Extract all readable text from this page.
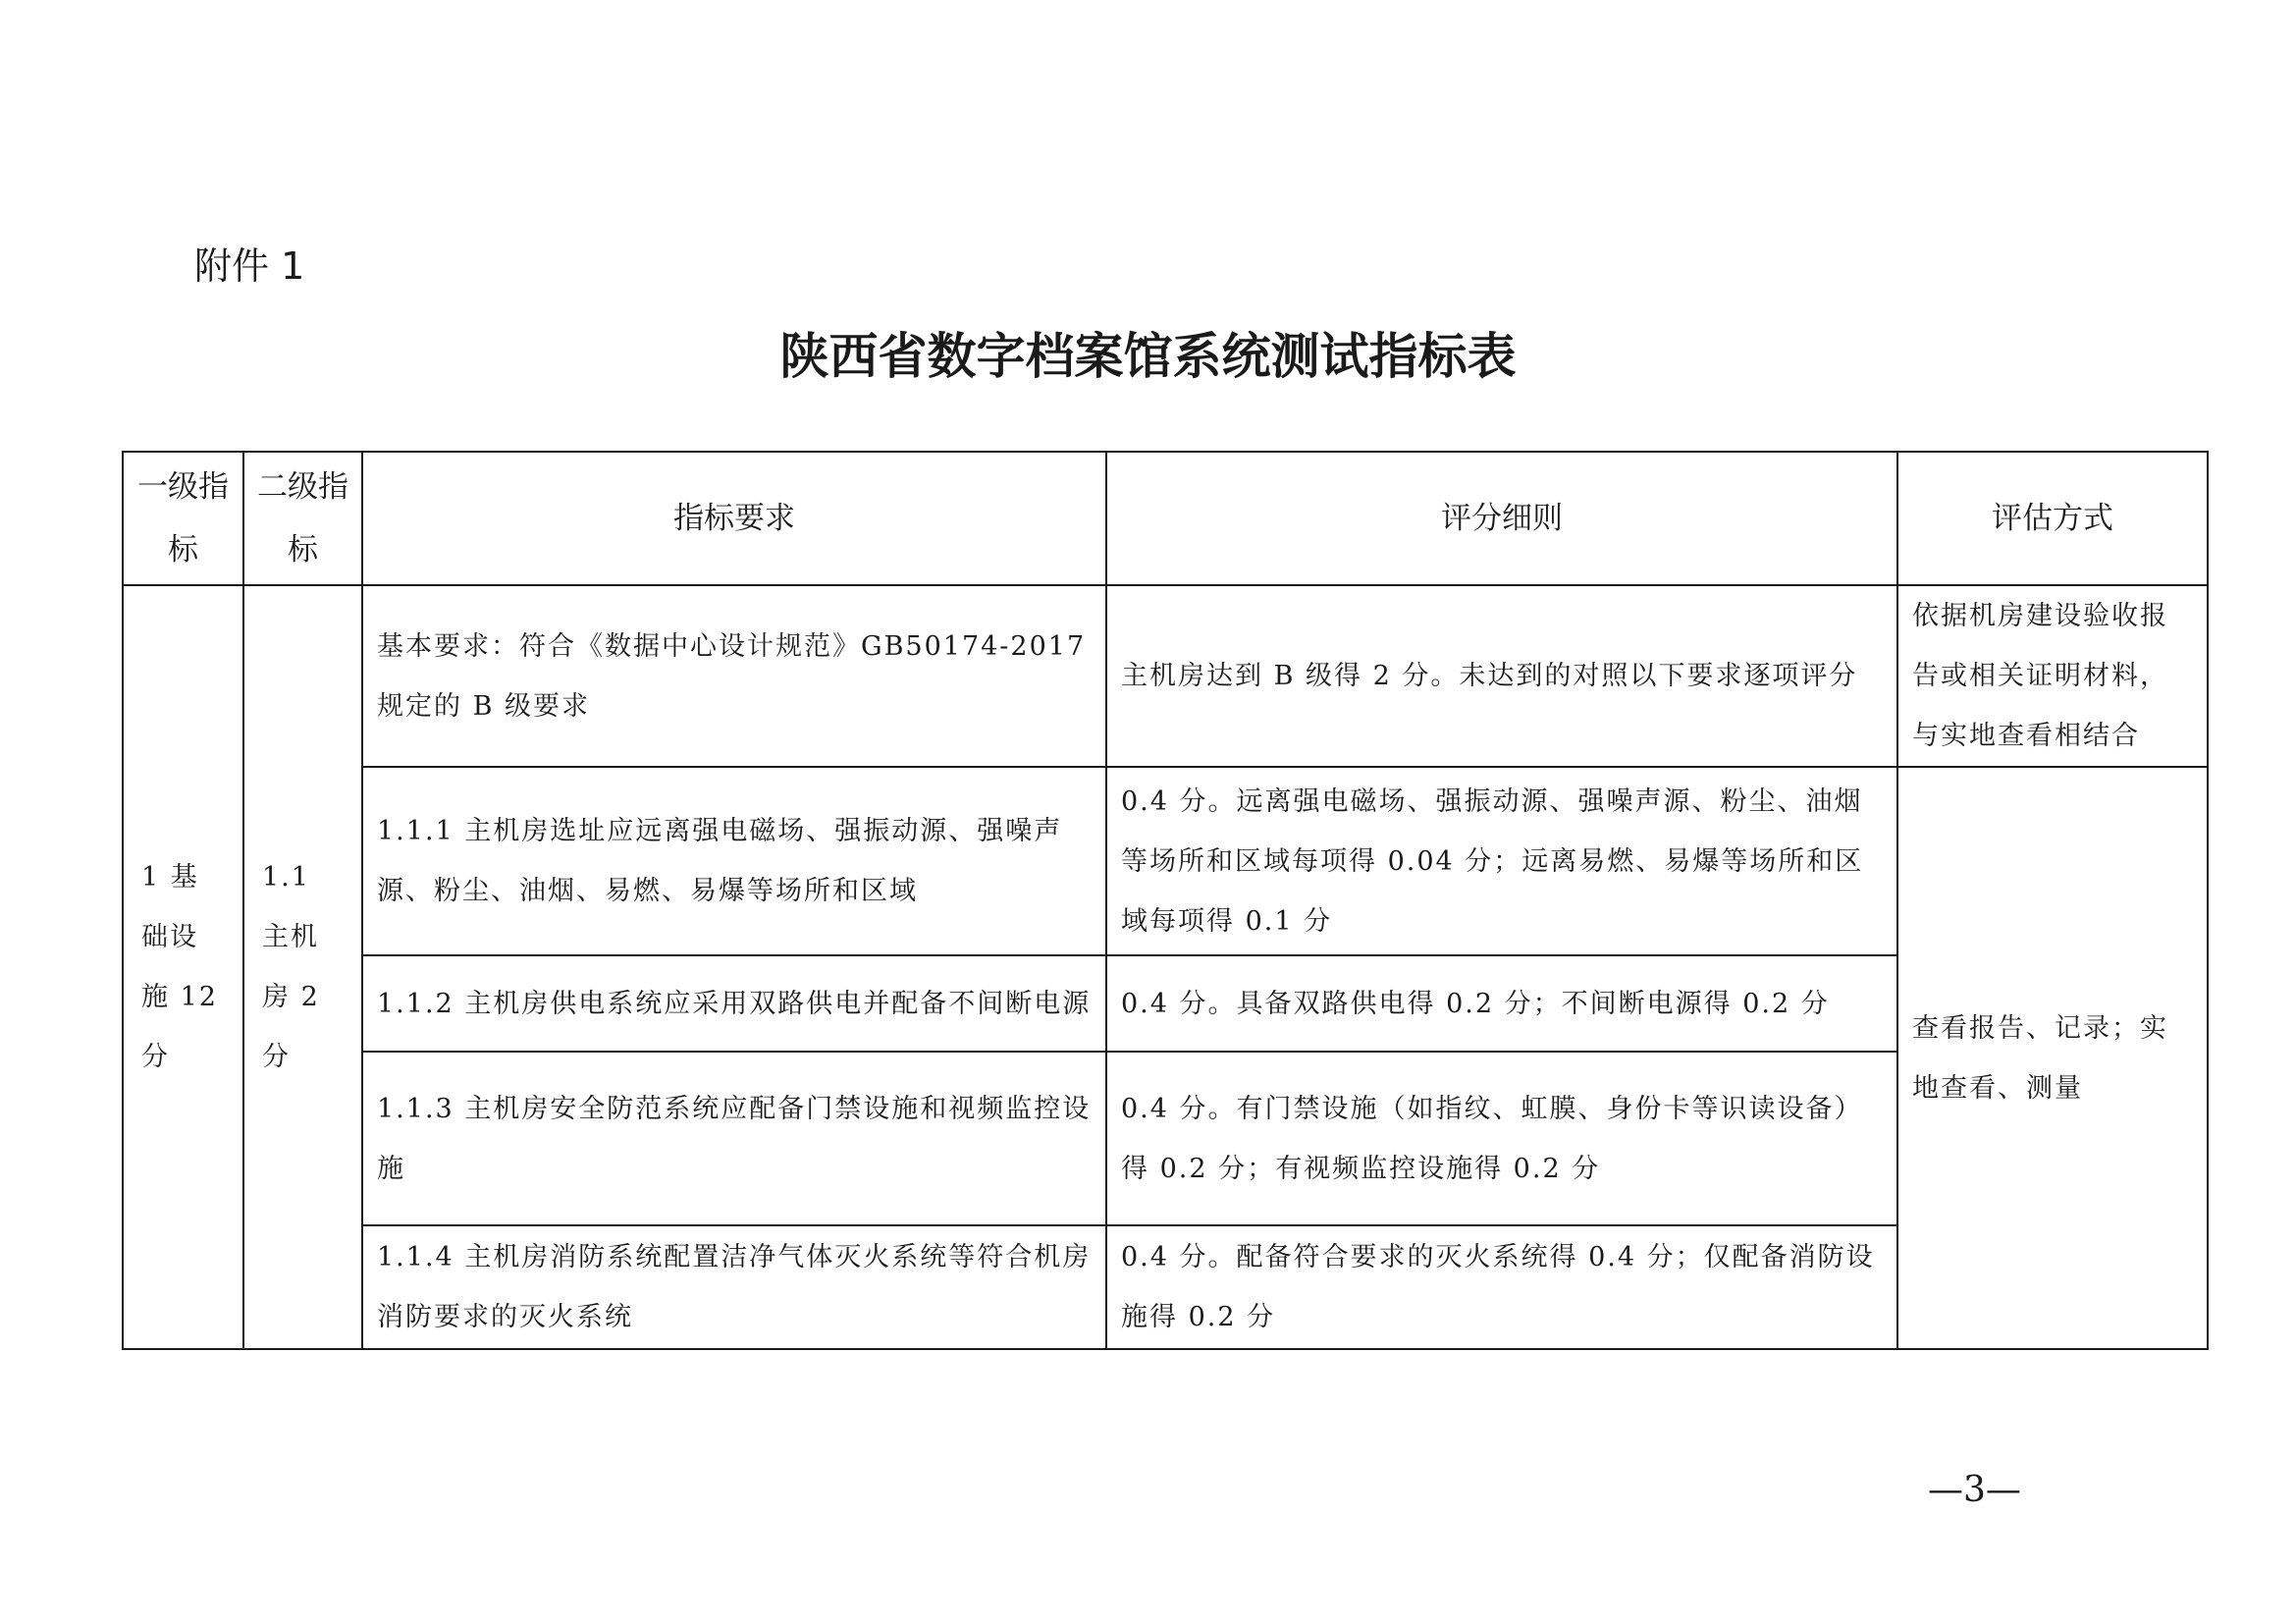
附件 1
陕西省数字档案馆系统测试指标表
一级指标	二级指标	指标要求	评分细则	评估方式
1 基础设施 12 分	1.1 主机房 2 分	基本要求：符合《数据中心设计规范》GB50174-2017 规定的 B 级要求	主机房达到 B 级得 2 分。未达到的对照以下要求逐项评分	依据机房建设验收报告或相关证明材料，与实地查看相结合
		1.1.1 主机房选址应远离强电磁场、强振动源、强噪声源、粉尘、油烟、易燃、易爆等场所和区域	0.4 分。远离强电磁场、强振动源、强噪声源、粉尘、油烟等场所和区域每项得 0.04 分；远离易燃、易爆等场所和区域每项得 0.1 分	查看报告、记录；实地查看、测量
		1.1.2 主机房供电系统应采用双路供电并配备不间断电源	0.4 分。具备双路供电得 0.2 分；不间断电源得 0.2 分	
		1.1.3 主机房安全防范系统应配备门禁设施和视频监控设施	0.4 分。有门禁设施（如指纹、虹膜、身份卡等识读设备）得 0.2 分；有视频监控设施得 0.2 分	
		1.1.4 主机房消防系统配置洁净气体灭火系统等符合机房消防要求的灭火系统	0.4 分。配备符合要求的灭火系统得 0.4 分；仅配备消防设施得 0.2 分	
—3—
